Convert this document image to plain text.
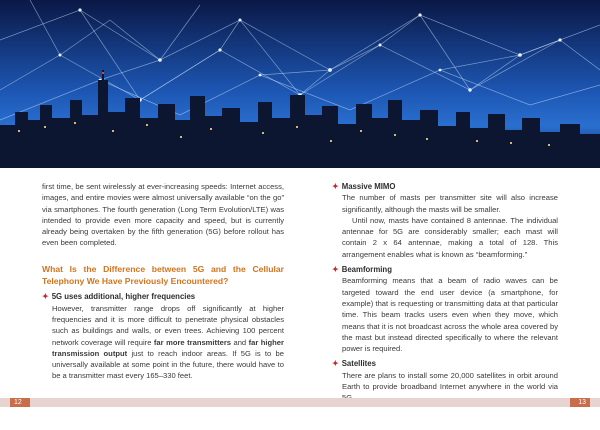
first time, be sent wirelessly at ever-increasing speeds: Internet access, images, and entire movies were almost universally available “on the go” via smartphones. The fourth generation (Long Term Evolution/LTE) was intended to provide even more capacity and speed, but is currently already being overtaken by the fifth generation (5G) before rollout has even been completed.

What Is the Difference between 5G and the Cellular Telephony We Have Previously Encountered?

✦ 5G uses additional, higher frequencies

However, transmitter range drops off significantly at higher frequencies and it is more difficult to penetrate physical obstacles such as buildings and walls, or even trees. Achieving 100 percent network coverage will require far more transmitters and far higher transmission output just to reach indoor areas. If 5G is to be universally available at some point in the future, there would have to be a transmitter mast every 165–330 feet.

✦ Massive MIMO

The number of masts per transmitter site will also increase significantly, although the masts will be smaller.

Until now, masts have contained 8 antennae. The individual antennae for 5G are considerably smaller; each mast will contain 2 x 64 antennae, making a total of 128. This arrangement enables what is known as “beamforming.”

✦ Beamforming

Beamforming means that a beam of radio waves can be targeted toward the end user device (a smartphone, for example) that is requesting or transmitting data at that particular time. This beam tracks users even when they move, which means that it is not broadcast across the whole area covered by the mast but instead directed specifically to where the relevant power is required.

✦ Satellites

There are plans to install some 20,000 satellites in orbit around Earth to provide broadband Internet anywhere in the world via

12	13
